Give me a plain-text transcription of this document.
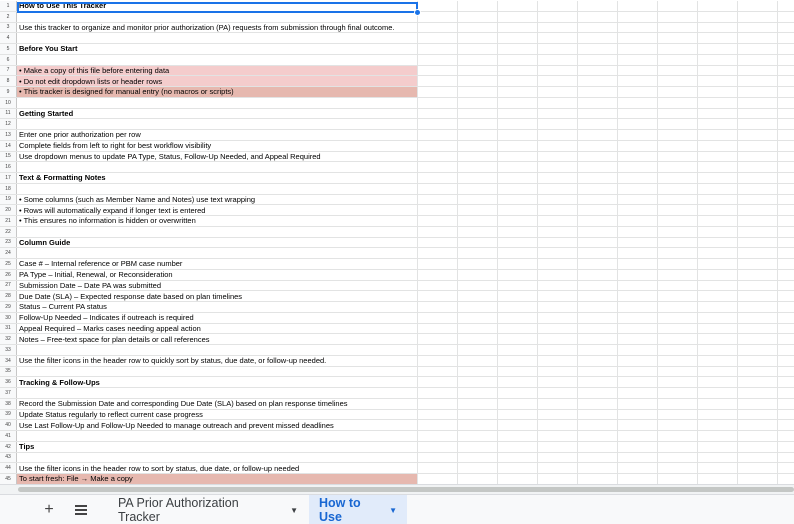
1	How to Use This Tracker
2
3	Use this tracker to organize and monitor prior authorization (PA) requests from submission through final outcome.
4
5	Before You Start
6
7	• Make a copy of this file before entering data
8	• Do not edit dropdown lists or header rows
9	• This tracker is designed for manual entry (no macros or scripts)
10
11	Getting Started
12
13	Enter one prior authorization per row
14	Complete fields from left to right for best workflow visibility
15	Use dropdown menus to update PA Type, Status, Follow-Up Needed, and Appeal Required
16
17	Text & Formatting Notes
18
19	• Some columns (such as Member Name and Notes) use text wrapping
20	• Rows will automatically expand if longer text is entered
21	• This ensures no information is hidden or overwritten
22
23	Column Guide
24
25	Case # – Internal reference or PBM case number
26	PA Type – Initial, Renewal, or Reconsideration
27	Submission Date – Date PA was submitted
28	Due Date (SLA) – Expected response date based on plan timelines
29	Status – Current PA status
30	Follow-Up Needed – Indicates if outreach is required
31	Appeal Required – Marks cases needing appeal action
32	Notes – Free-text space for plan details or call references
33
34	Use the filter icons in the header row to quickly sort by status, due date, or follow-up needed.
35
36	Tracking & Follow-Ups
37
38	Record the Submission Date and corresponding Due Date (SLA) based on plan response timelines
39	Update Status regularly to reflect current case progress
40	Use Last Follow-Up and Follow-Up Needed to manage outreach and prevent missed deadlines
41
42	Tips
43
44	Use the filter icons in the header row to sort by status, due date, or follow-up needed
45	To start fresh: File → Make a copy
+	PA Prior Authorization Tracker	▼ How to Use	▼
